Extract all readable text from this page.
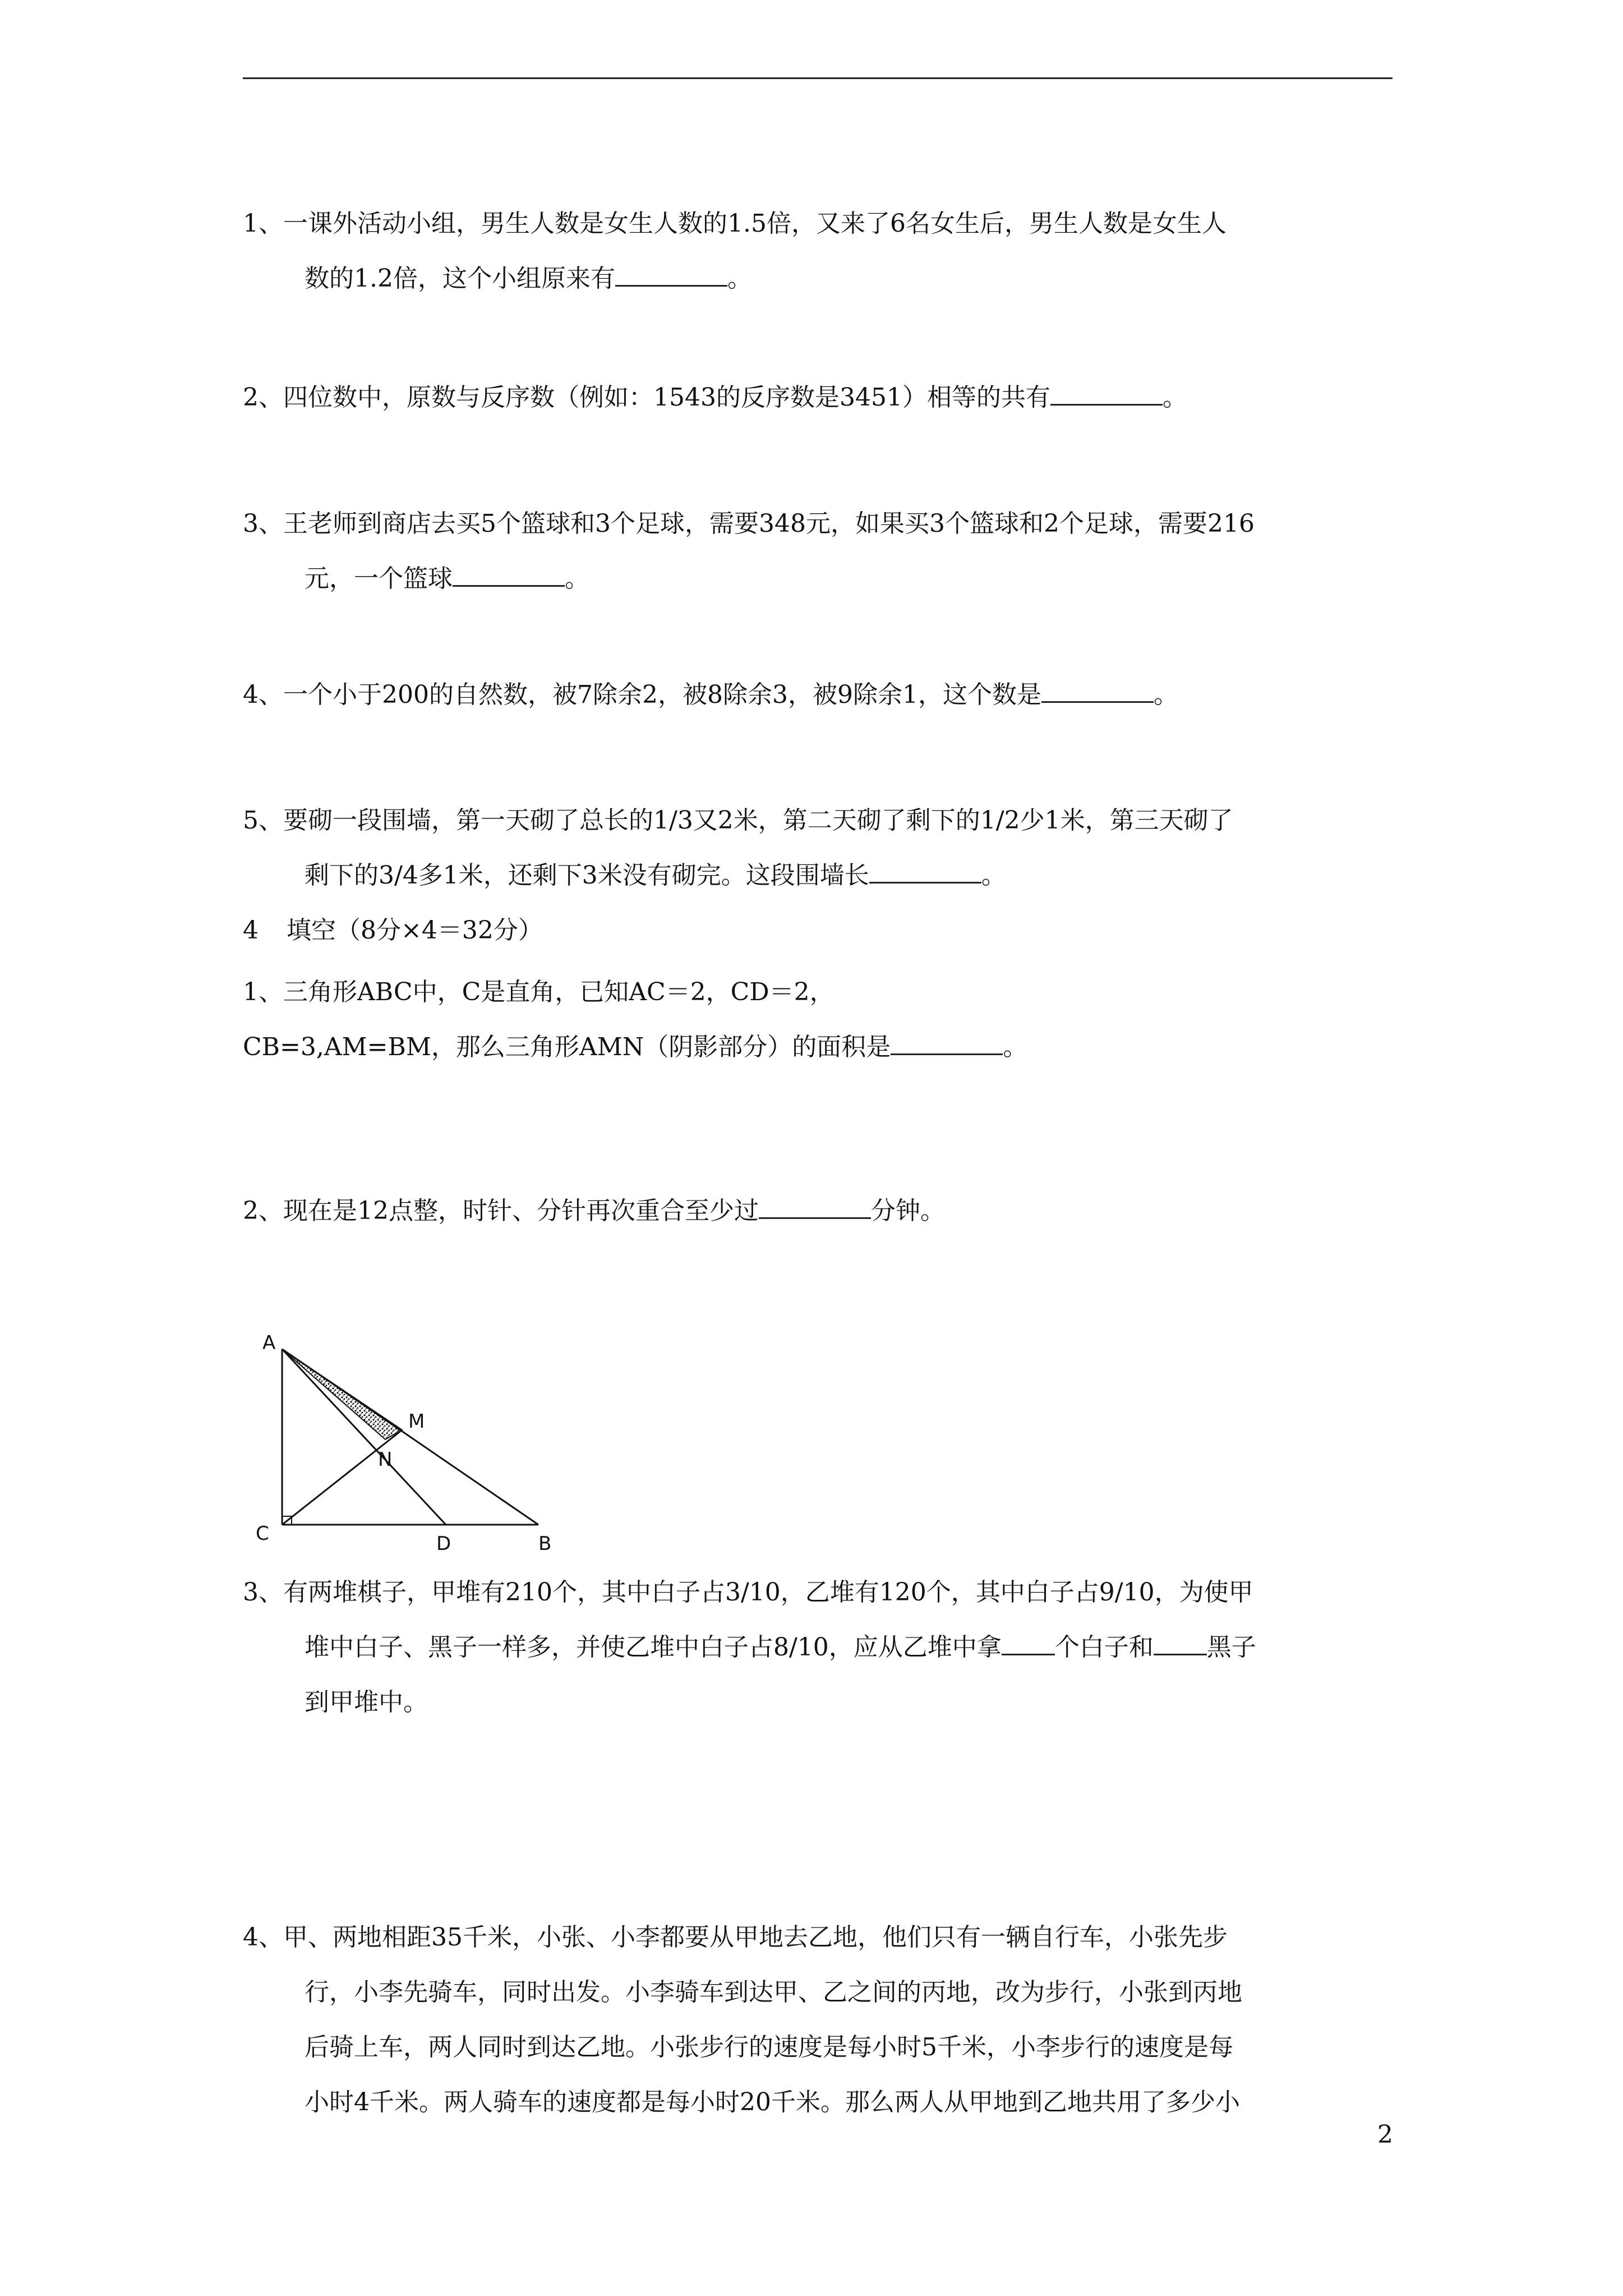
1、一课外活动小组，男生人数是女生人数的1.5倍，又来了6名女生后，男生人数是女生人
数的1.2倍，这个小组原来有	。
2、四位数中，原数与反序数（例如：1543的反序数是3451）相等的共有	。
3、王老师到商店去买5个篮球和3个足球，需要348元，如果买3个篮球和2个足球，需要216
元，一个篮球	。
4、一个小于200的自然数，被7除余2，被8除余3，被9除余1，这个数是	。
5、要砌一段围墙，第一天砌了总长的1/3又2米，第二天砌了剩下的1/2少1米，第三天砌了
剩下的3/4多1米，还剩下3米没有砌完。这段围墙长	。
4 填空（8分×4＝32分）
1、三角形ABC中，C是直角，已知AC＝2，CD＝2，
CB=3,AM=BM，那么三角形AMN（阴影部分）的面积是	。
2、现在是12点整，时针、分针再次重合至少过	分钟。
A
C	D	B
M
N
3、有两堆棋子，甲堆有210个，其中白子占3/10，乙堆有120个，其中白子占9/10，为使甲
堆中白子、黑子一样多，并使乙堆中白子占8/10，应从乙堆中拿 个白子和 黑子
到甲堆中。
4、甲、两地相距35千米，小张、小李都要从甲地去乙地，他们只有一辆自行车，小张先步
行，小李先骑车，同时出发。小李骑车到达甲、乙之间的丙地，改为步行，小张到丙地
后骑上车，两人同时到达乙地。小张步行的速度是每小时5千米，小李步行的速度是每
小时4千米。两人骑车的速度都是每小时20千米。那么两人从甲地到乙地共用了多少小
2
